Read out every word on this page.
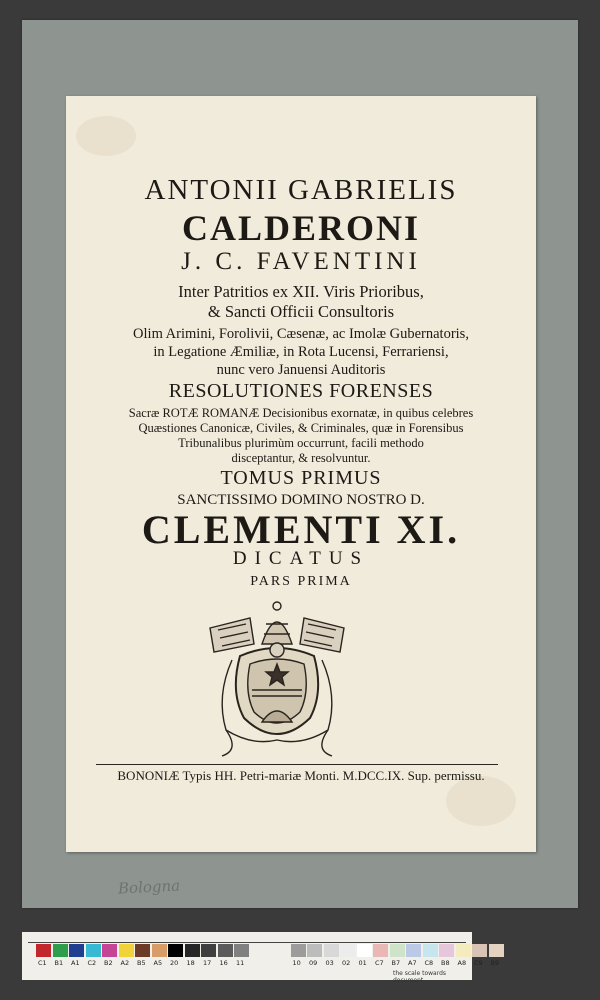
Bologna
ANTONII GABRIELIS
CALDERONI
J. C. FAVENTINI
Inter Patritios ex XII. Viris Prioribus,
& Sancti Officii Consultoris
Olim Arimini, Forolivii, Cæsenæ, ac Imolæ Gubernatoris,
in Legatione Æmiliæ, in Rota Lucensi, Ferrariensi,
nunc vero Januensi Auditoris
RESOLUTIONES FORENSES
Sacræ ROTÆ ROMANÆ Decisionibus exornatæ, in quibus celebres
Quæstiones Canonicæ, Civiles, & Criminales, quæ in Forensibus
Tribunalibus plurimùm occurrunt, facili methodo
disceptantur, & resolvuntur.
TOMUS PRIMUS
SANCTISSIMO DOMINO NOSTRO D.
CLEMENTI XI.
DICATUS
PARS PRIMA
BONONIÆ Typis HH. Petri-mariæ Monti. M.DCC.IX. Sup. permissu.
C1 B1 A1 C2 B2 A2 B5 A5 20 18 17 16 11	10 09 03 02 01 C7 B7 A7 C8 B8 A8 C9 B9
the scale towards document
